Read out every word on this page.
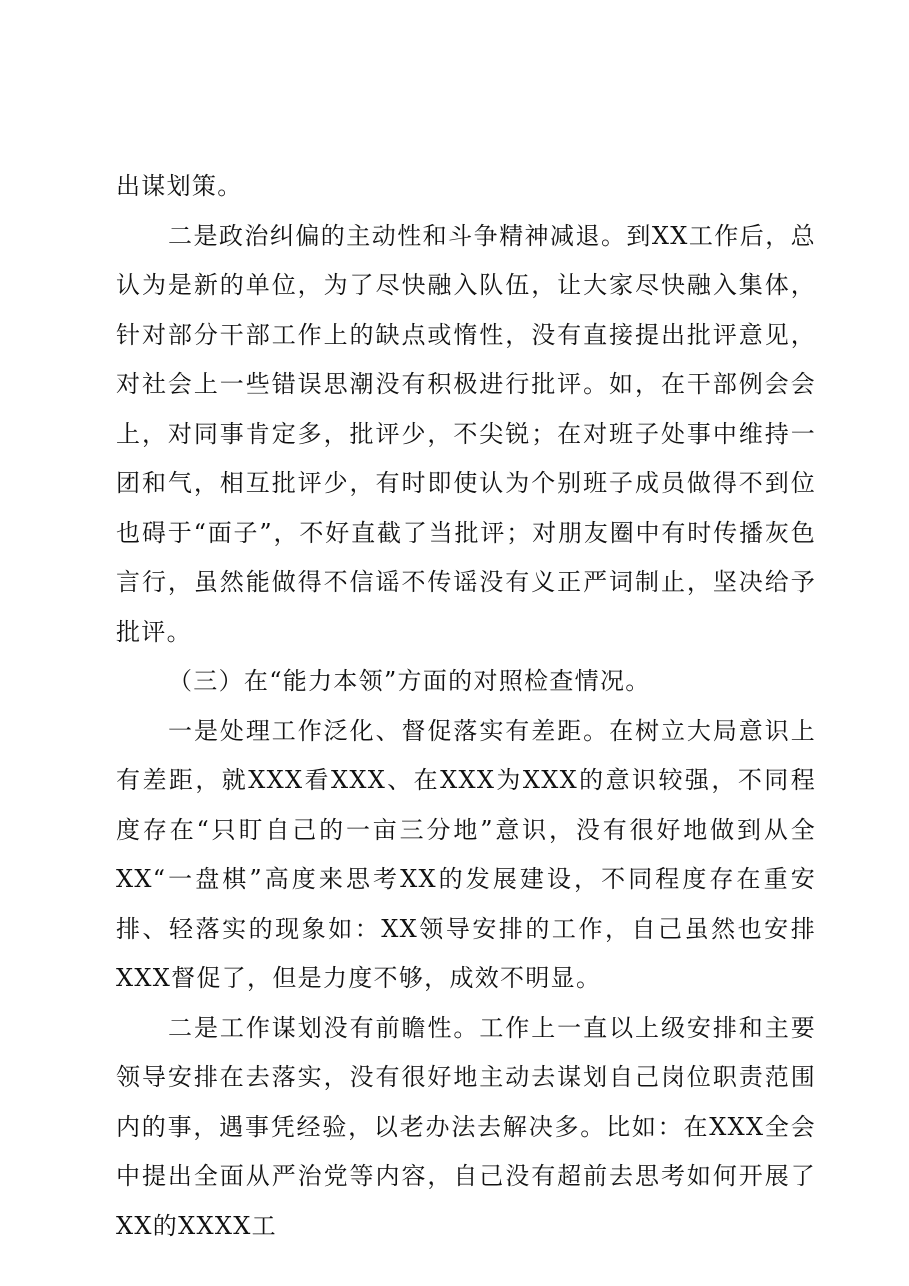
出谋划策。

二是政治纠偏的主动性和斗争精神减退。到XX工作后，总认为是新的单位，为了尽快融入队伍，让大家尽快融入集体，针对部分干部工作上的缺点或惰性，没有直接提出批评意见，对社会上一些错误思潮没有积极进行批评。如，在干部例会会上，对同事肯定多，批评少，不尖锐；在对班子处事中维持一团和气，相互批评少，有时即使认为个别班子成员做得不到位也碍于“面子”，不好直截了当批评；对朋友圈中有时传播灰色言行，虽然能做得不信谣不传谣没有义正严词制止，坚决给予批评。

（三）在“能力本领”方面的对照检查情况。

一是处理工作泛化、督促落实有差距。在树立大局意识上有差距，就XXX看XXX、在XXX为XXX的意识较强，不同程度存在“只盯自己的一亩三分地”意识，没有很好地做到从全XX“一盘棋”高度来思考XX的发展建设，不同程度存在重安排、轻落实的现象如：XX领导安排的工作，自己虽然也安排XXX督促了，但是力度不够，成效不明显。

二是工作谋划没有前瞻性。工作上一直以上级安排和主要领导安排在去落实，没有很好地主动去谋划自己岗位职责范围内的事，遇事凭经验，以老办法去解决多。比如：在XXX全会中提出全面从严治党等内容，自己没有超前去思考如何开展了XX的XXXX工
